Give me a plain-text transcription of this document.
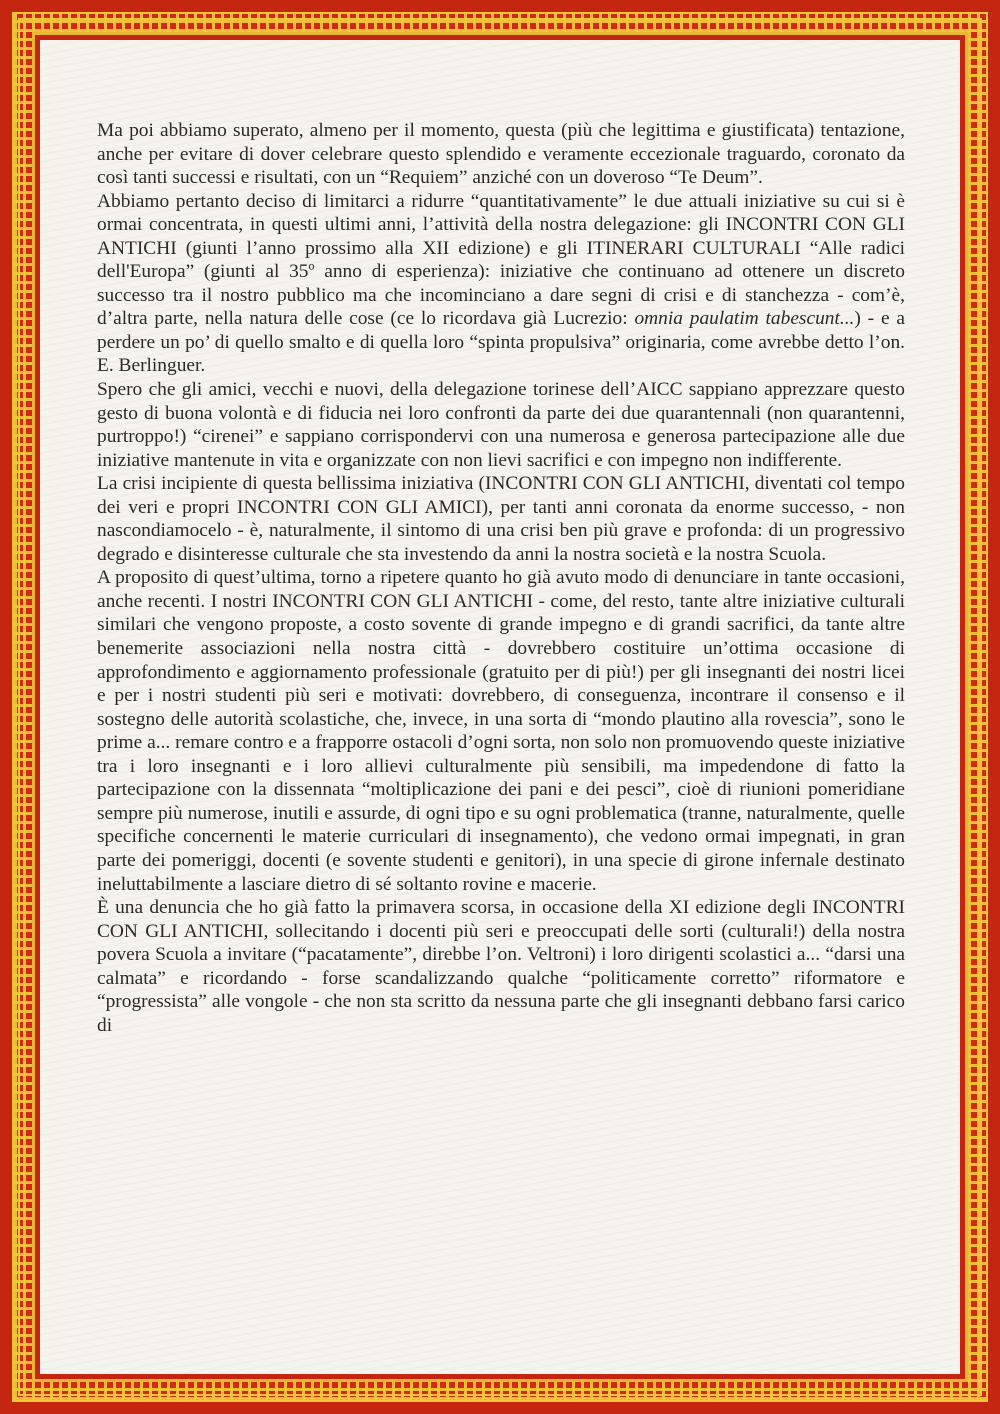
Ma poi abbiamo superato, almeno per il momento, questa (più che legittima e giustificata) tentazione, anche per evitare di dover celebrare questo splendido e veramente eccezionale traguardo, coronato da così tanti successi e risultati, con un “Requiem” anziché con un doveroso “Te Deum”.

Abbiamo pertanto deciso di limitarci a ridurre “quantitativamente” le due attuali iniziative su cui si è ormai concentrata, in questi ultimi anni, l’attività della nostra delegazione: gli INCONTRI CON GLI ANTICHI (giunti l’anno prossimo alla XII edizione) e gli ITINERARI CULTURALI “Alle radici dell'Europa” (giunti al 35º anno di esperienza): iniziative che continuano ad ottenere un discreto successo tra il nostro pubblico ma che incominciano a dare segni di crisi e di stanchezza - com’è, d’altra parte, nella natura delle cose (ce lo ricordava già Lucrezio: omnia paulatim tabescunt...) - e a perdere un po’ di quello smalto e di quella loro “spinta propulsiva” originaria, come avrebbe detto l’on. E. Berlinguer.

Spero che gli amici, vecchi e nuovi, della delegazione torinese dell’AICC sappiano apprezzare questo gesto di buona volontà e di fiducia nei loro confronti da parte dei due quarantennali (non quarantenni, purtroppo!) “cirenei” e sappiano corrispondervi con una numerosa e generosa partecipazione alle due iniziative mantenute in vita e organizzate con non lievi sacrifici e con impegno non indifferente.

La crisi incipiente di questa bellissima iniziativa (INCONTRI CON GLI ANTICHI, diventati col tempo dei veri e propri INCONTRI CON GLI AMICI), per tanti anni coronata da enorme successo, - non nascondiamocelo - è, naturalmente, il sintomo di una crisi ben più grave e profonda: di un progressivo degrado e disinteresse culturale che sta investendo da anni la nostra società e la nostra Scuola.

A proposito di quest’ultima, torno a ripetere quanto ho già avuto modo di denunciare in tante occasioni, anche recenti. I nostri INCONTRI CON GLI ANTICHI - come, del resto, tante altre iniziative culturali similari che vengono proposte, a costo sovente di grande impegno e di grandi sacrifici, da tante altre benemerite associazioni nella nostra città - dovrebbero costituire un’ottima occasione di approfondimento e aggiornamento professionale (gratuito per di più!) per gli insegnanti dei nostri licei e per i nostri studenti più seri e motivati: dovrebbero, di conseguenza, incontrare il consenso e il sostegno delle autorità scolastiche, che, invece, in una sorta di “mondo plautino alla rovescia”, sono le prime a... remare contro e a frapporre ostacoli d’ogni sorta, non solo non promuovendo queste iniziative tra i loro insegnanti e i loro allievi culturalmente più sensibili, ma impedendone di fatto la partecipazione con la dissennata “moltiplicazione dei pani e dei pesci”, cioè di riunioni pomeridiane sempre più numerose, inutili e assurde, di ogni tipo e su ogni problematica (tranne, naturalmente, quelle specifiche concernenti le materie curriculari di insegnamento), che vedono ormai impegnati, in gran parte dei pomeriggi, docenti (e sovente studenti e genitori), in una specie di girone infernale destinato ineluttabilmente a lasciare dietro di sé soltanto rovine e macerie.

È una denuncia che ho già fatto la primavera scorsa, in occasione della XI edizione degli INCONTRI CON GLI ANTICHI, sollecitando i docenti più seri e preoccupati delle sorti (culturali!) della nostra povera Scuola a invitare (“pacatamente”, direbbe l’on. Veltroni) i loro dirigenti scolastici a... “darsi una calmata” e ricordando - forse scandalizzando qualche “politicamente corretto” riformatore e “progressista” alle vongole - che non sta scritto da nessuna parte che gli insegnanti debbano farsi carico di
